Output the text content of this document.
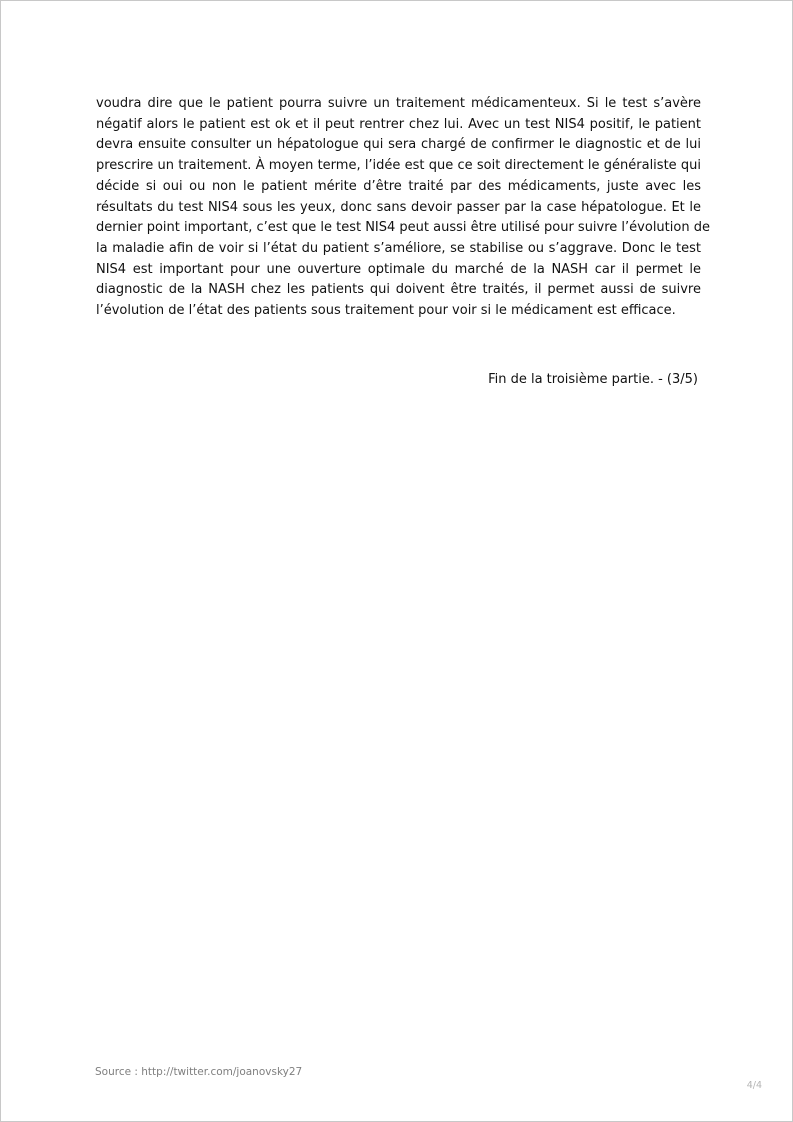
voudra dire que le patient pourra suivre un traitement médicamenteux. Si le test s’avère
négatif alors le patient est ok et il peut rentrer chez lui. Avec un test NIS4 positif, le patient
devra ensuite consulter un hépatologue qui sera chargé de confirmer le diagnostic et de lui
prescrire un traitement. À moyen terme, l’idée est que ce soit directement le généraliste qui
décide si oui ou non le patient mérite d’être traité par des médicaments, juste avec les
résultats du test NIS4 sous les yeux, donc sans devoir passer par la case hépatologue. Et le
dernier point important, c’est que le test NIS4 peut aussi être utilisé pour suivre l’évolution de
la maladie afin de voir si l’état du patient s’améliore, se stabilise ou s’aggrave. Donc le test
NIS4 est important pour une ouverture optimale du marché de la NASH car il permet le
diagnostic de la NASH chez les patients qui doivent être traités, il permet aussi de suivre
l’évolution de l’état des patients sous traitement pour voir si le médicament est efficace.

Fin de la troisième partie. - (3/5)

Source : http://twitter.com/joanovsky27

4/4
